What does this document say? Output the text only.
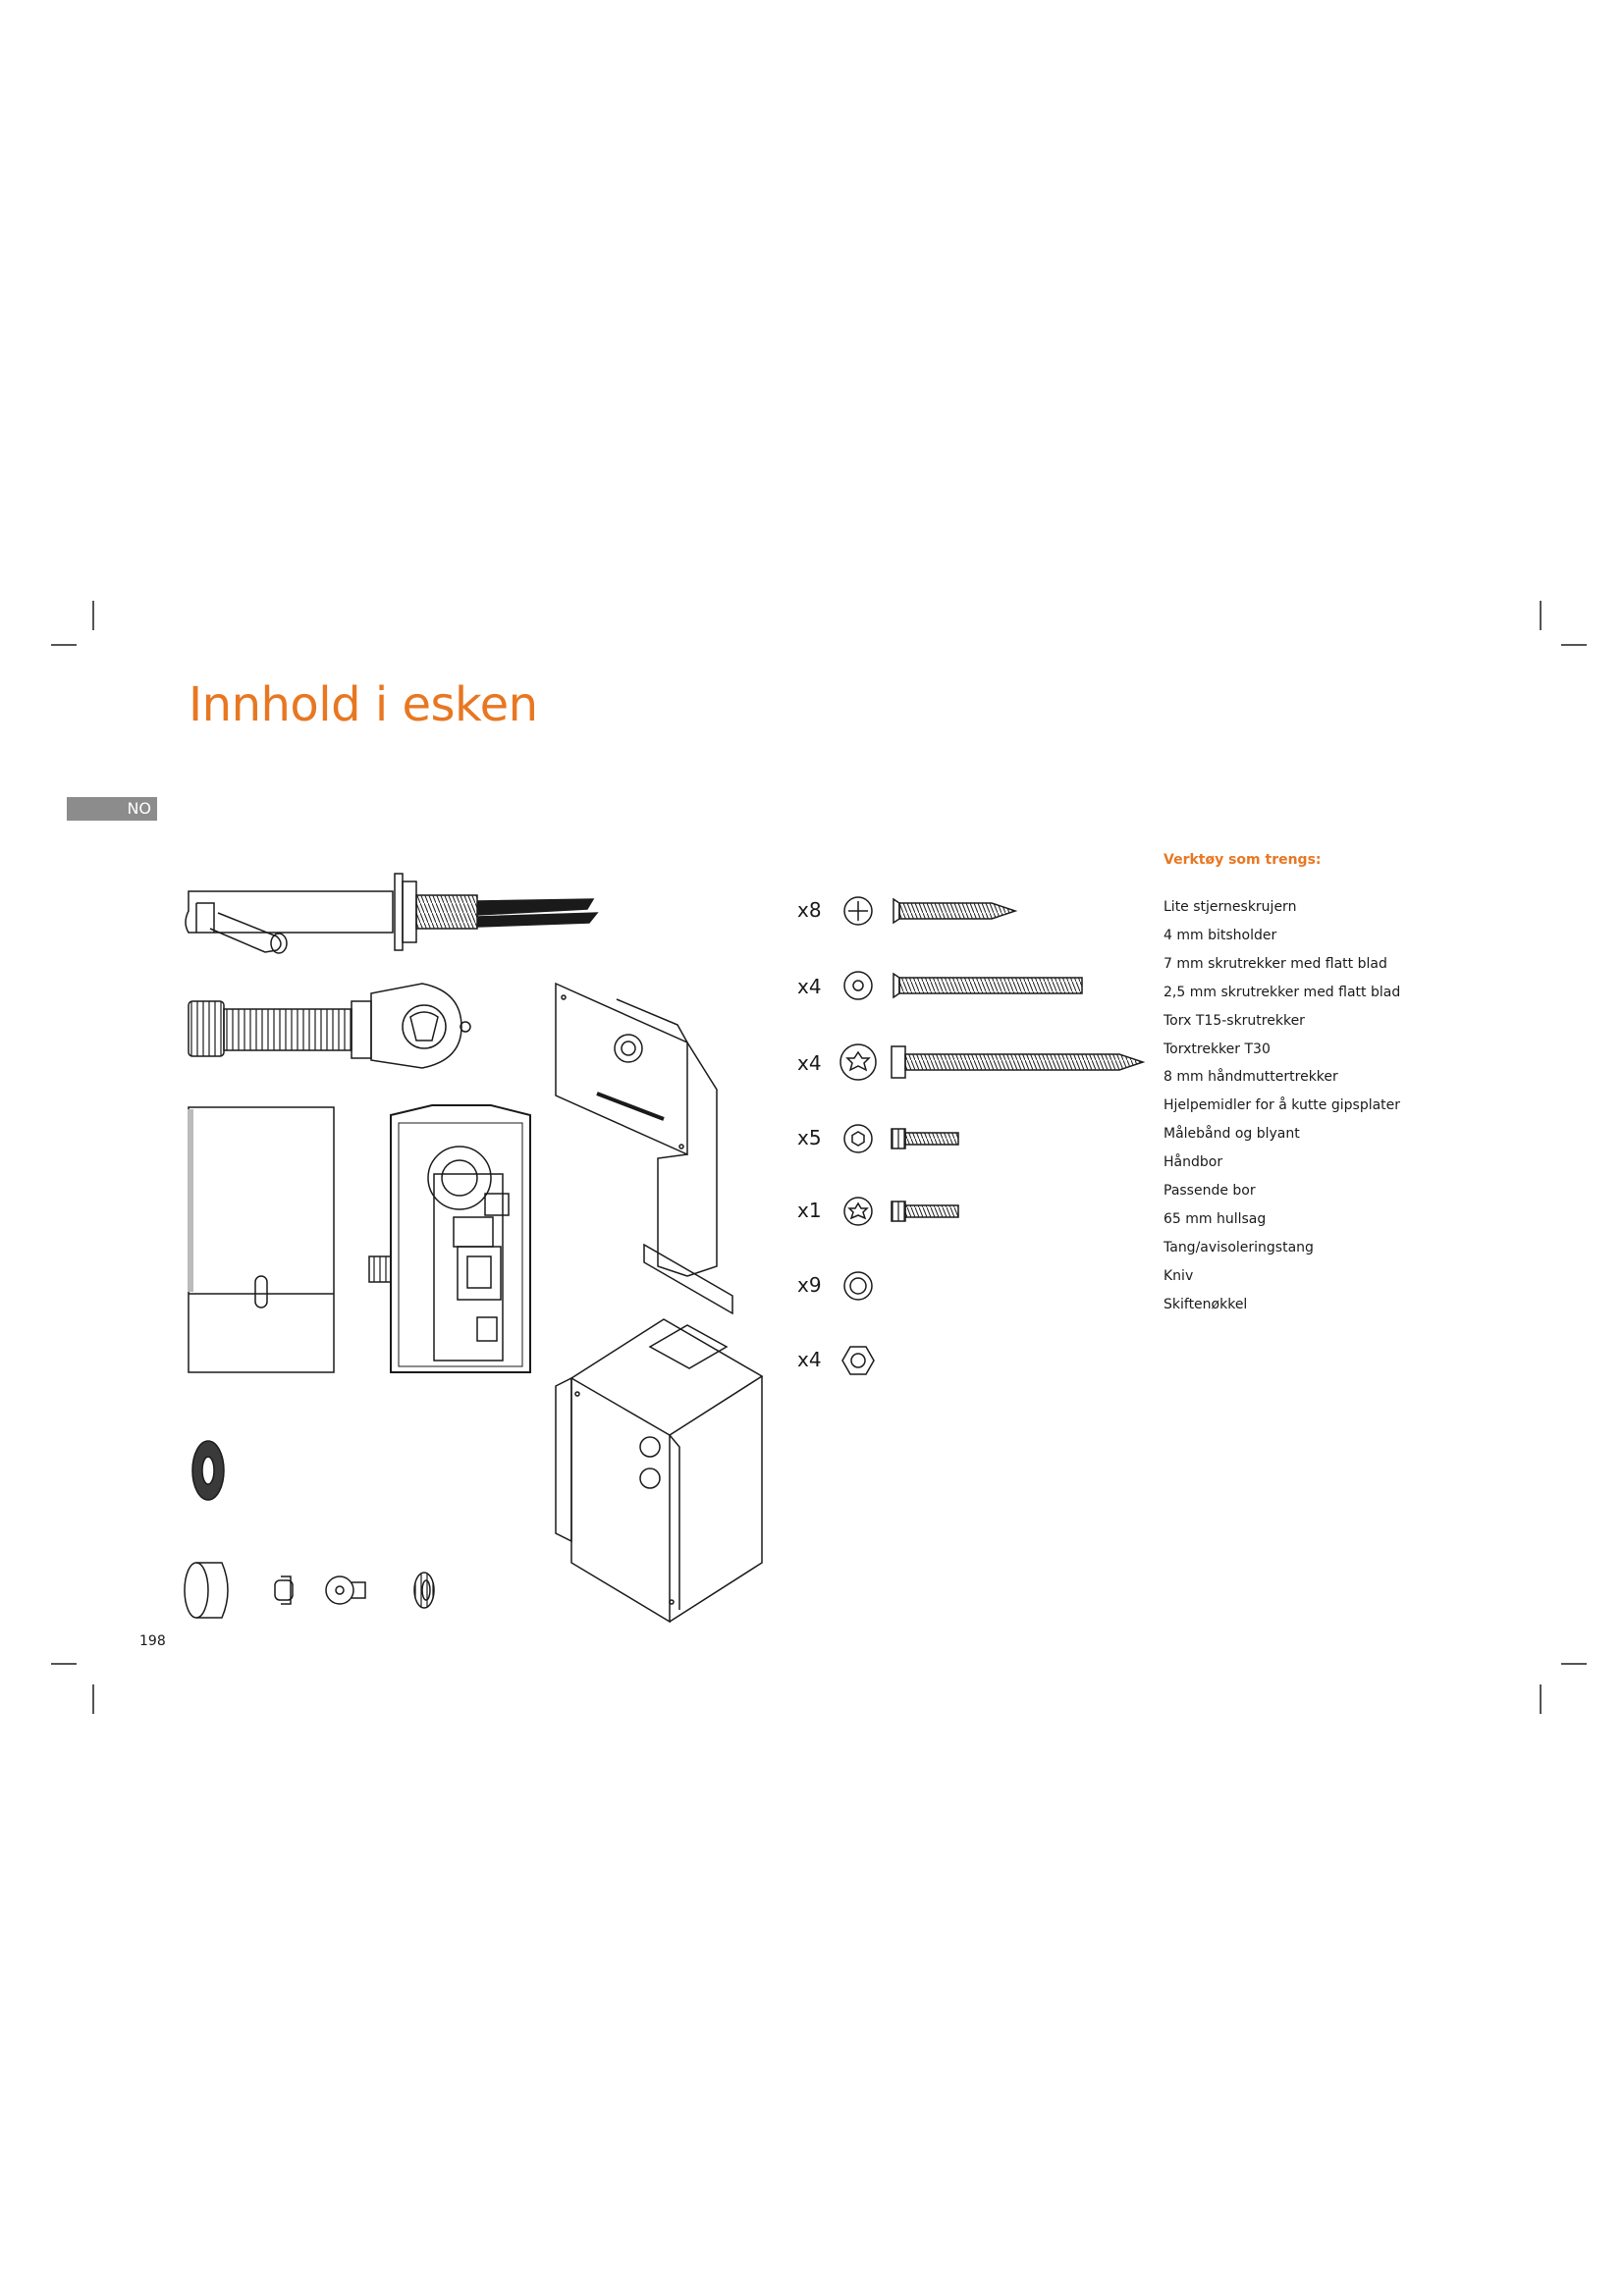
Innhold i esken
NO
x8
x4
x4
x5
x1
x9
x4
Verktøy som trengs:
Lite stjerneskrujern
4 mm bitsholder
7 mm skrutrekker med flatt blad
2,5 mm skrutrekker med flatt blad
Torx T15-skrutrekker
Torxtrekker T30
8 mm håndmuttertrekker
Hjelpemidler for å kutte gipsplater
Målebånd og blyant
Håndbor
Passende bor
65 mm hullsag
Tang/avisoleringstang
Kniv
Skiftenøkkel
198
